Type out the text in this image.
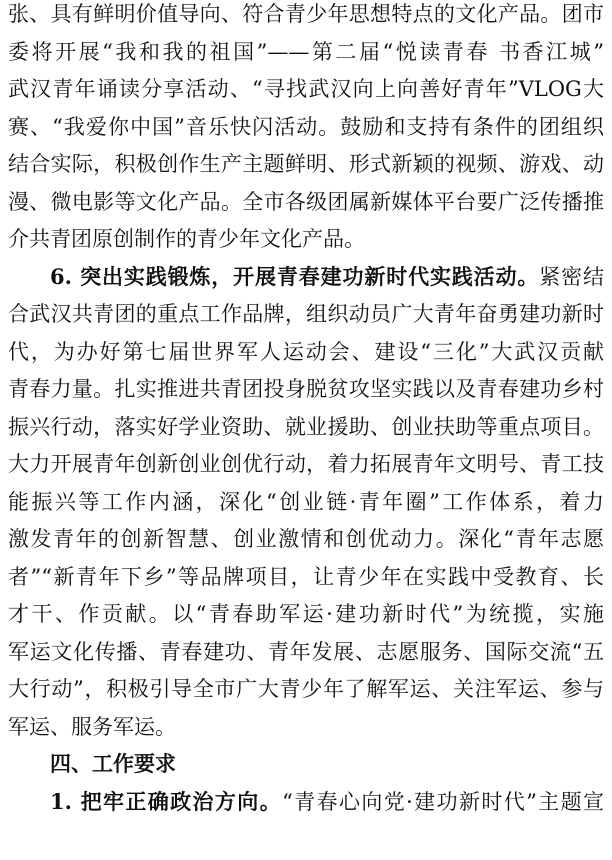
张、具有鲜明价值导向、符合青少年思想特点的文化产品。团市
委将开展“我和我的祖国”——第二届“悦读青春 书香江城”
武汉青年诵读分享活动、“寻找武汉向上向善好青年”VLOG大
赛、“我爱你中国”音乐快闪活动。鼓励和支持有条件的团组织
结合实际，积极创作生产主题鲜明、形式新颖的视频、游戏、动
漫、微电影等文化产品。全市各级团属新媒体平台要广泛传播推
介共青团原创制作的青少年文化产品。
6. 突出实践锻炼，开展青春建功新时代实践活动。紧密结
合武汉共青团的重点工作品牌，组织动员广大青年奋勇建功新时
代，为办好第七届世界军人运动会、建设“三化”大武汉贡献
青春力量。扎实推进共青团投身脱贫攻坚实践以及青春建功乡村
振兴行动，落实好学业资助、就业援助、创业扶助等重点项目。
大力开展青年创新创业创优行动，着力拓展青年文明号、青工技
能振兴等工作内涵，深化“创业链·青年圈”工作体系，着力
激发青年的创新智慧、创业激情和创优动力。深化“青年志愿
者”“新青年下乡”等品牌项目，让青少年在实践中受教育、长
才干、作贡献。以“青春助军运·建功新时代”为统揽，实施
军运文化传播、青春建功、青年发展、志愿服务、国际交流“五
大行动”，积极引导全市广大青少年了解军运、关注军运、参与
军运、服务军运。
四、工作要求
1. 把牢正确政治方向。“青春心向党·建功新时代”主题宣
